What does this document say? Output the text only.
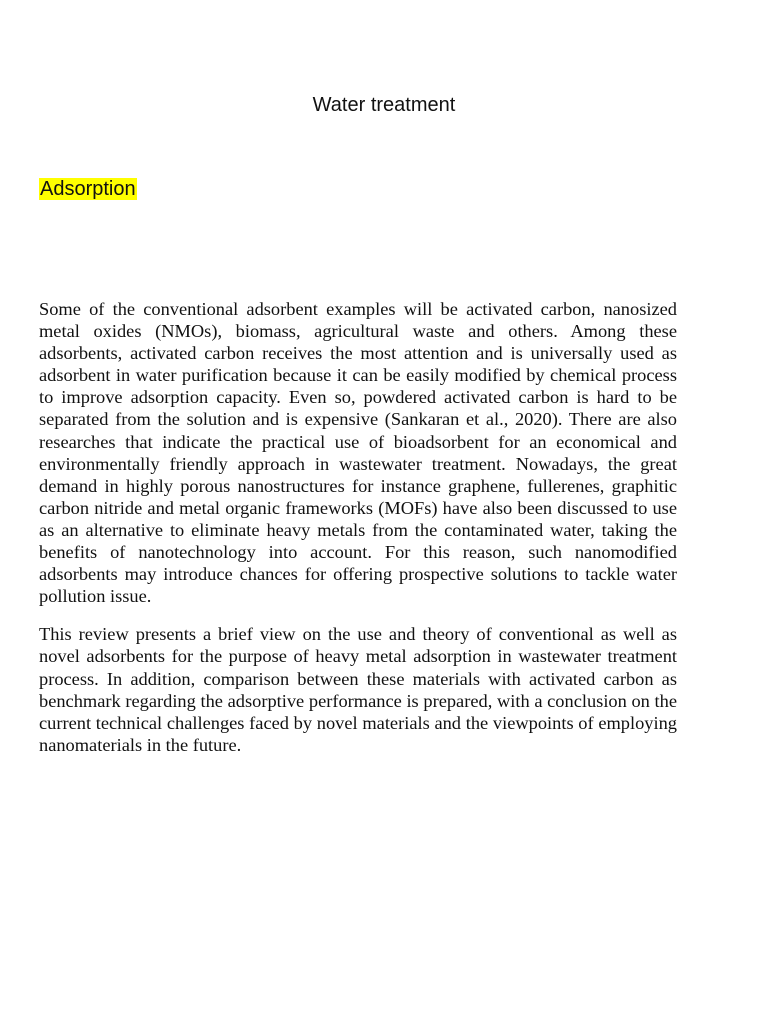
Water treatment
Adsorption

Some of the conventional adsorbent examples will be activated carbon, nanosized metal oxides (NMOs), biomass, agricultural waste and others. Among these adsorbents, activated carbon receives the most attention and is universally used as adsorbent in water purification because it can be easily modified by chemical process to improve adsorption capacity. Even so, powdered activated carbon is hard to be separated from the solution and is expensive (Sankaran et al., 2020). There are also researches that indicate the practical use of bioadsorbent for an economical and environmentally friendly approach in wastewater treatment. Nowadays, the great demand in highly porous nanostructures for instance graphene, fullerenes, graphitic carbon nitride and metal organic frameworks (MOFs) have also been discussed to use as an alternative to eliminate heavy metals from the contaminated water, taking the benefits of nanotechnology into account. For this reason, such nanomodified adsorbents may introduce chances for offering prospective solutions to tackle water pollution issue.

This review presents a brief view on the use and theory of conventional as well as novel adsorbents for the purpose of heavy metal adsorption in wastewater treatment process. In addition, comparison between these materials with activated carbon as benchmark regarding the adsorptive performance is prepared, with a conclusion on the current technical challenges faced by novel materials and the viewpoints of employing nanomaterials in the future.
